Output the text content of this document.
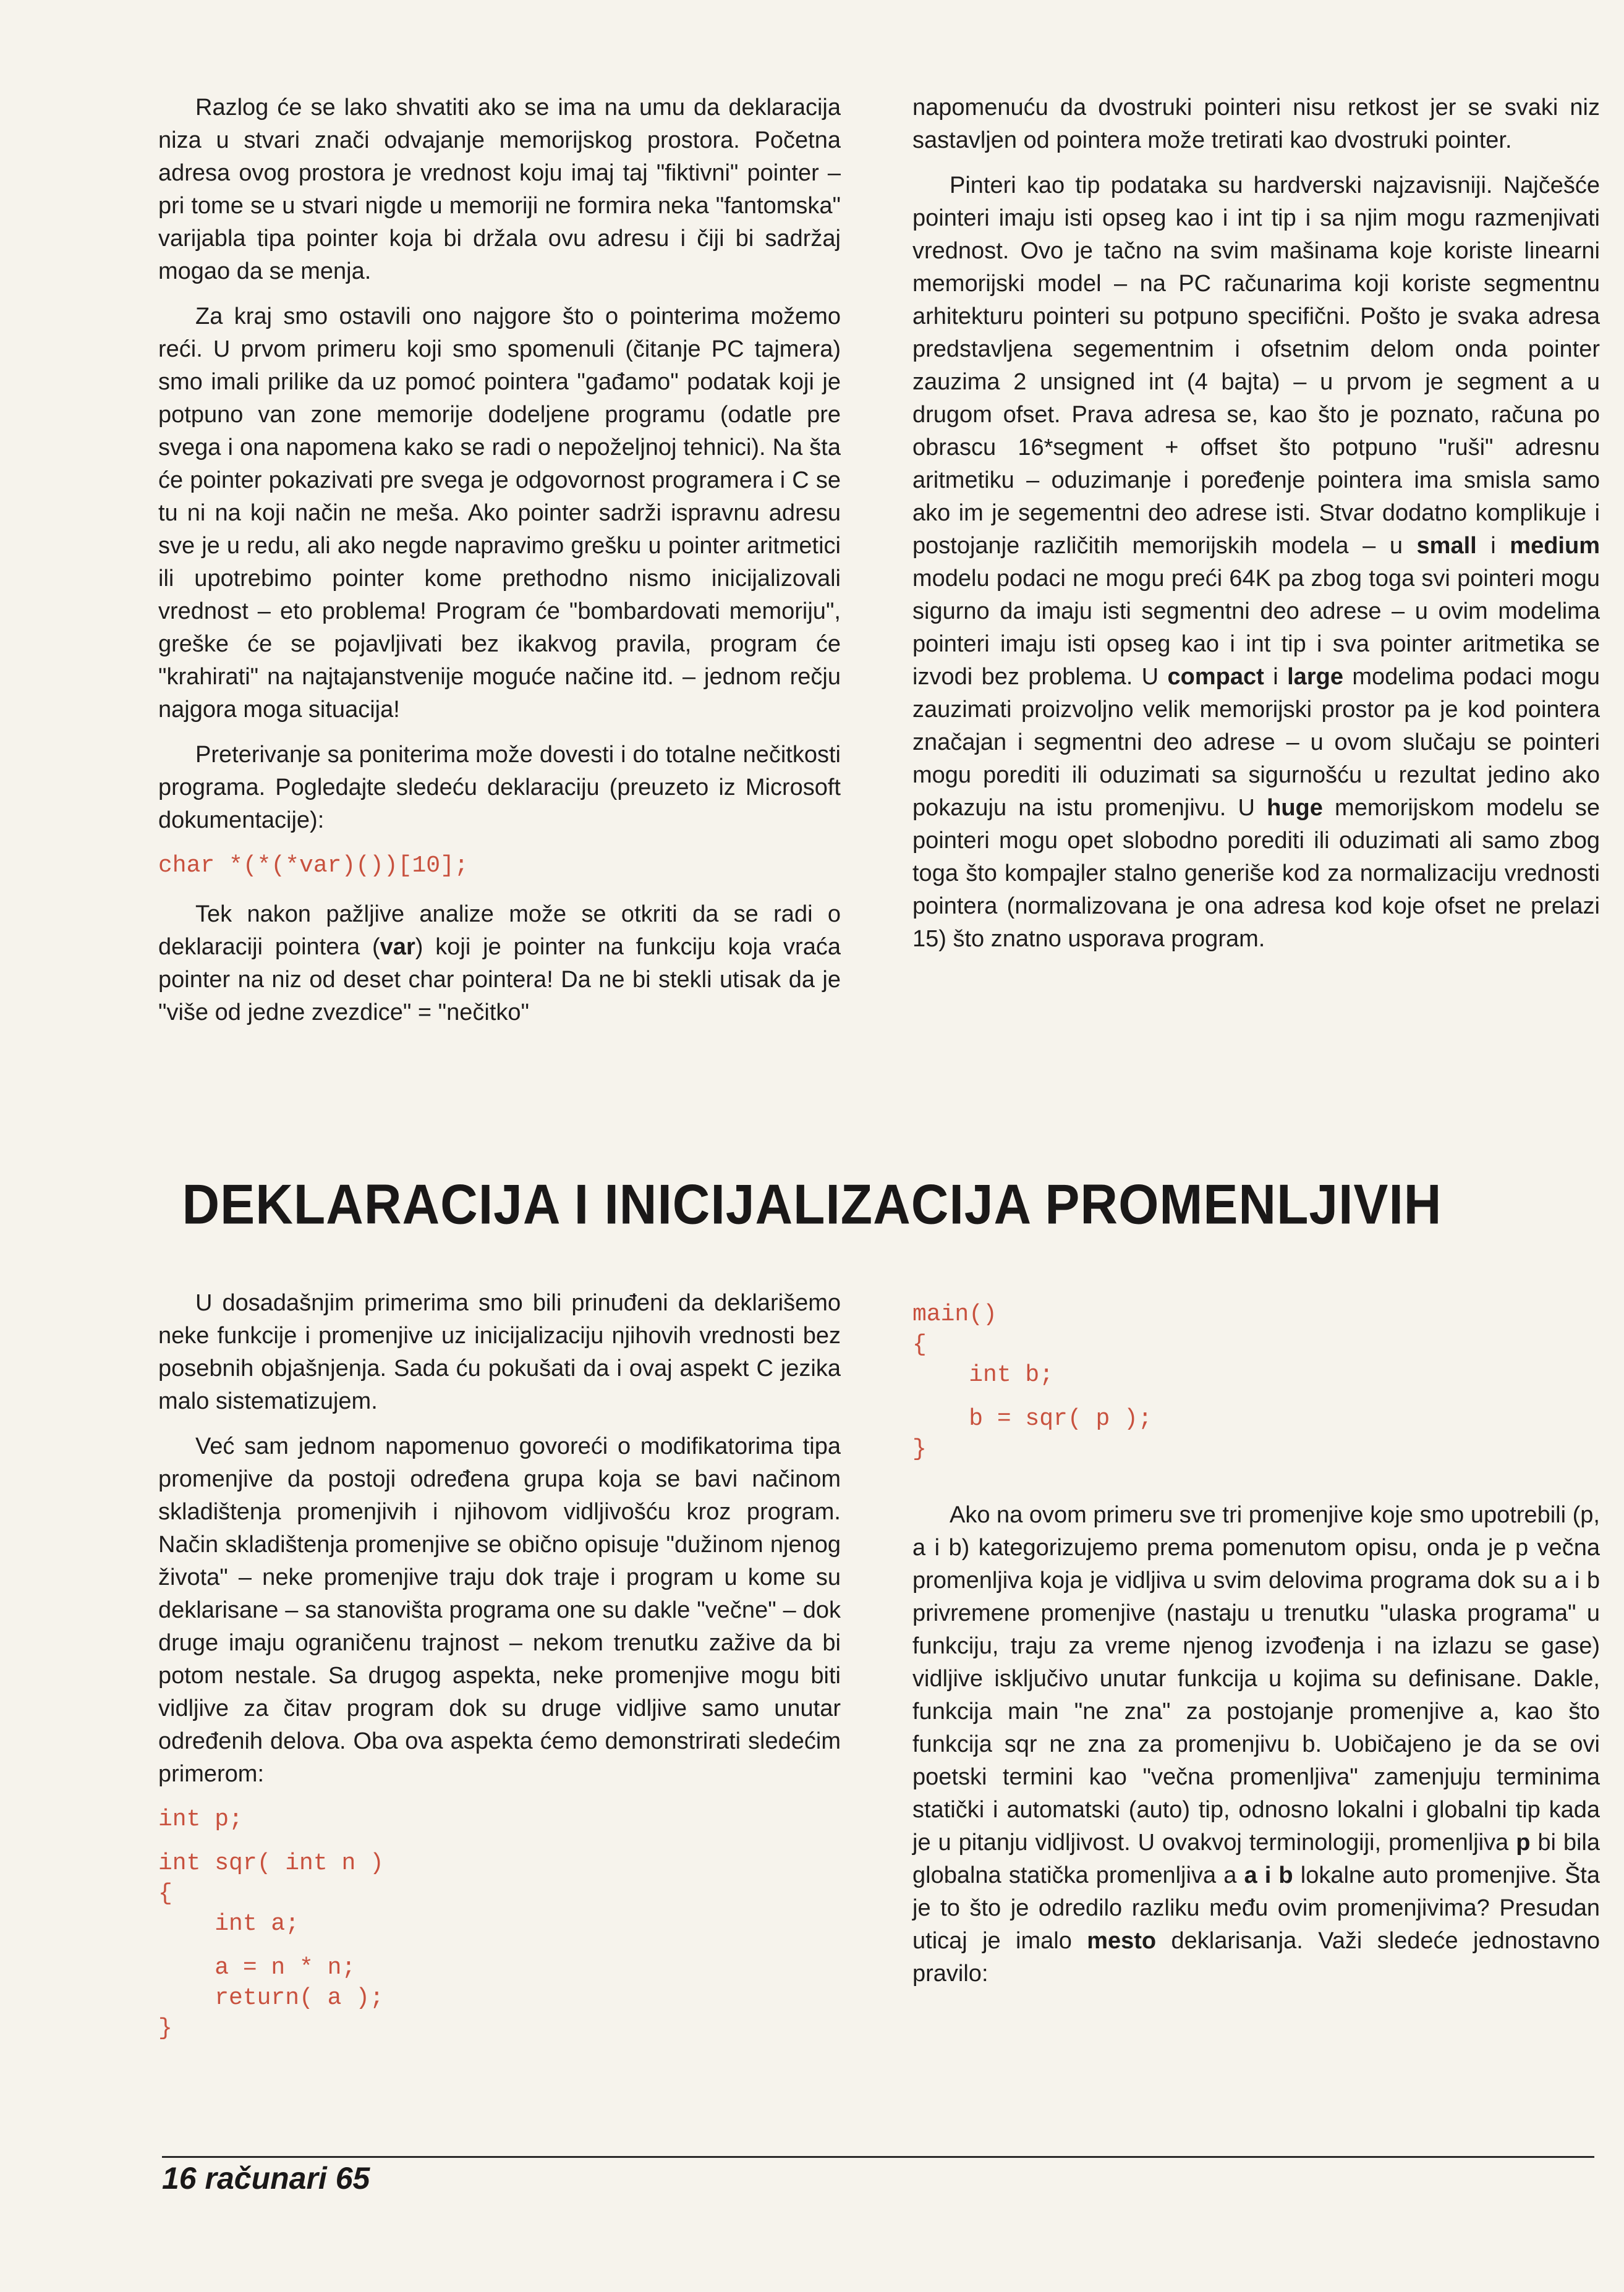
Razlog će se lako shvatiti ako se ima na umu da deklaracija niza u stvari znači odvajanje memorijskog prostora. Početna adresa ovog prostora je vrednost koju imaj taj "fiktivni" pointer – pri tome se u stvari nigde u memoriji ne formira neka "fantomska" varijabla tipa pointer koja bi držala ovu adresu i čiji bi sadržaj mogao da se menja.

Za kraj smo ostavili ono najgore što o pointerima možemo reći. U prvom primeru koji smo spomenuli (čitanje PC tajmera) smo imali prilike da uz pomoć pointera "gađamo" podatak koji je potpuno van zone memorije dodeljene programu (odatle pre svega i ona napomena kako se radi o nepoželjnoj tehnici). Na šta će pointer pokazivati pre svega je odgovornost programera i C se tu ni na koji način ne meša. Ako pointer sadrži ispravnu adresu sve je u redu, ali ako negde napravimo grešku u pointer aritmetici ili upotrebimo pointer kome prethodno nismo inicijalizovali vrednost – eto problema! Program će "bombardovati memoriju", greške će se pojavljivati bez ikakvog pravila, program će "krahirati" na najtajanstvenije moguće načine itd. – jednom rečju najgora moga situacija!

Preterivanje sa poniterima može dovesti i do totalne nečitkosti programa. Pogledajte sledeću deklaraciju (preuzeto iz Microsoft dokumentacije):

char *(*(*var)())[10];

Tek nakon pažljive analize može se otkriti da se radi o deklaraciji pointera (var) koji je pointer na funkciju koja vraća pointer na niz od deset char pointera! Da ne bi stekli utisak da je "više od jedne zvezdice" = "nečitko"

napomenuću da dvostruki pointeri nisu retkost jer se svaki niz sastavljen od pointera može tretirati kao dvostruki pointer.

Pinteri kao tip podataka su hardverski najzavisniji. Najčešće pointeri imaju isti opseg kao i int tip i sa njim mogu razmenjivati vrednost. Ovo je tačno na svim mašinama koje koriste linearni memorijski model – na PC računarima koji koriste segmentnu arhitekturu pointeri su potpuno specifični. Pošto je svaka adresa predstavljena segementnim i ofsetnim delom onda pointer zauzima 2 unsigned int (4 bajta) – u prvom je segment a u drugom ofset. Prava adresa se, kao što je poznato, računa po obrascu 16*segment + offset što potpuno "ruši" adresnu aritmetiku – oduzimanje i poređenje pointera ima smisla samo ako im je segementni deo adrese isti. Stvar dodatno komplikuje i postojanje različitih memorijskih modela – u small i medium modelu podaci ne mogu preći 64K pa zbog toga svi pointeri mogu sigurno da imaju isti segmentni deo adrese – u ovim modelima pointeri imaju isti opseg kao i int tip i sva pointer aritmetika se izvodi bez problema. U compact i large modelima podaci mogu zauzimati proizvoljno velik memorijski prostor pa je kod pointera značajan i segmentni deo adrese – u ovom slučaju se pointeri mogu porediti ili oduzimati sa sigurnošću u rezultat jedino ako pokazuju na istu promenjivu. U huge memorijskom modelu se pointeri mogu opet slobodno porediti ili oduzimati ali samo zbog toga što kompajler stalno generiše kod za normalizaciju vrednosti pointera (normalizovana je ona adresa kod koje ofset ne prelazi 15) što znatno usporava program.

DEKLARACIJA I INICIJALIZACIJA PROMENLJIVIH

U dosadašnjim primerima smo bili prinuđeni da deklarišemo neke funkcije i promenjive uz inicijalizaciju njihovih vrednosti bez posebnih objašnjenja. Sada ću pokušati da i ovaj aspekt C jezika malo sistematizujem.

Već sam jednom napomenuo govoreći o modifikatorima tipa promenjive da postoji određena grupa koja se bavi načinom skladištenja promenjivih i njihovom vidljivošću kroz program. Način skladištenja promenjive se obično opisuje "dužinom njenog života" – neke promenjive traju dok traje i program u kome su deklarisane – sa stanovišta programa one su dakle "večne" – dok druge imaju ograničenu trajnost – nekom trenutku zažive da bi potom nestale. Sa drugog aspekta, neke promenjive mogu biti vidljive za čitav program dok su druge vidljive samo unutar određenih delova. Oba ova aspekta ćemo demonstrirati sledećim primerom:

int p;

int sqr( int n )
{
int a;

a = n * n;
return( a );
}
main()
{
int b;

b = sqr( p );
}

Ako na ovom primeru sve tri promenjive koje smo upotrebili (p, a i b) kategorizujemo prema pomenutom opisu, onda je p večna promenljiva koja je vidljiva u svim delovima programa dok su a i b privremene promenjive (nastaju u trenutku "ulaska programa" u funkciju, traju za vreme njenog izvođenja i na izlazu se gase) vidljive isključivo unutar funkcija u kojima su definisane. Dakle, funkcija main "ne zna" za postojanje promenjive a, kao što funkcija sqr ne zna za promenjivu b. Uobičajeno je da se ovi poetski termini kao "večna promenljiva" zamenjuju terminima statički i automatski (auto) tip, odnosno lokalni i globalni tip kada je u pitanju vidljivost. U ovakvoj terminologiji, promenljiva p bi bila globalna statička promenljiva a a i b lokalne auto promenjive. Šta je to što je odredilo razliku među ovim promenjivima? Presudan uticaj je imalo mesto deklarisanja. Važi sledeće jednostavno pravilo:

16 računari 65
